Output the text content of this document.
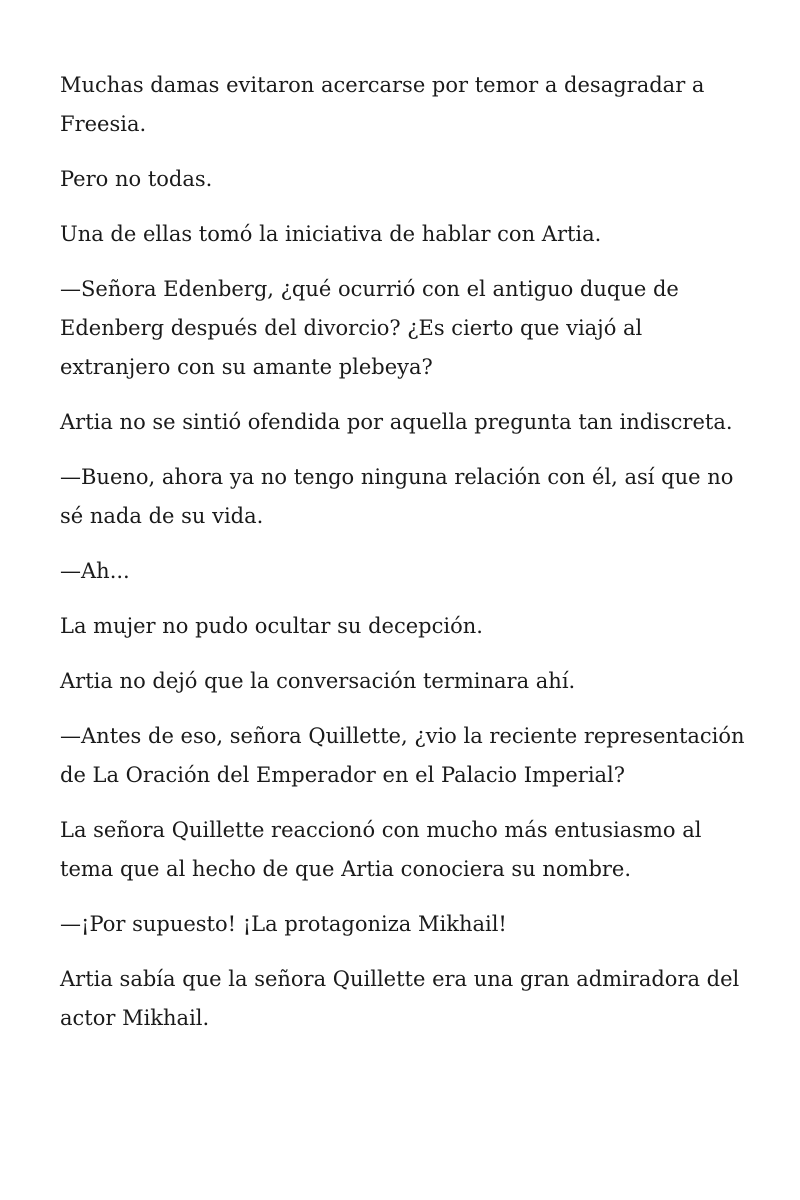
Muchas damas evitaron acercarse por temor a desagradar a Freesia.

Pero no todas.

Una de ellas tomó la iniciativa de hablar con Artia.

—Señora Edenberg, ¿qué ocurrió con el antiguo duque de Edenberg después del divorcio? ¿Es cierto que viajó al extranjero con su amante plebeya?

Artia no se sintió ofendida por aquella pregunta tan indiscreta.

—Bueno, ahora ya no tengo ninguna relación con él, así que no sé nada de su vida.

—Ah...

La mujer no pudo ocultar su decepción.

Artia no dejó que la conversación terminara ahí.

—Antes de eso, señora Quillette, ¿vio la reciente representación de La Oración del Emperador en el Palacio Imperial?

La señora Quillette reaccionó con mucho más entusiasmo al tema que al hecho de que Artia conociera su nombre.

—¡Por supuesto! ¡La protagoniza Mikhail!

Artia sabía que la señora Quillette era una gran admiradora del actor Mikhail.
